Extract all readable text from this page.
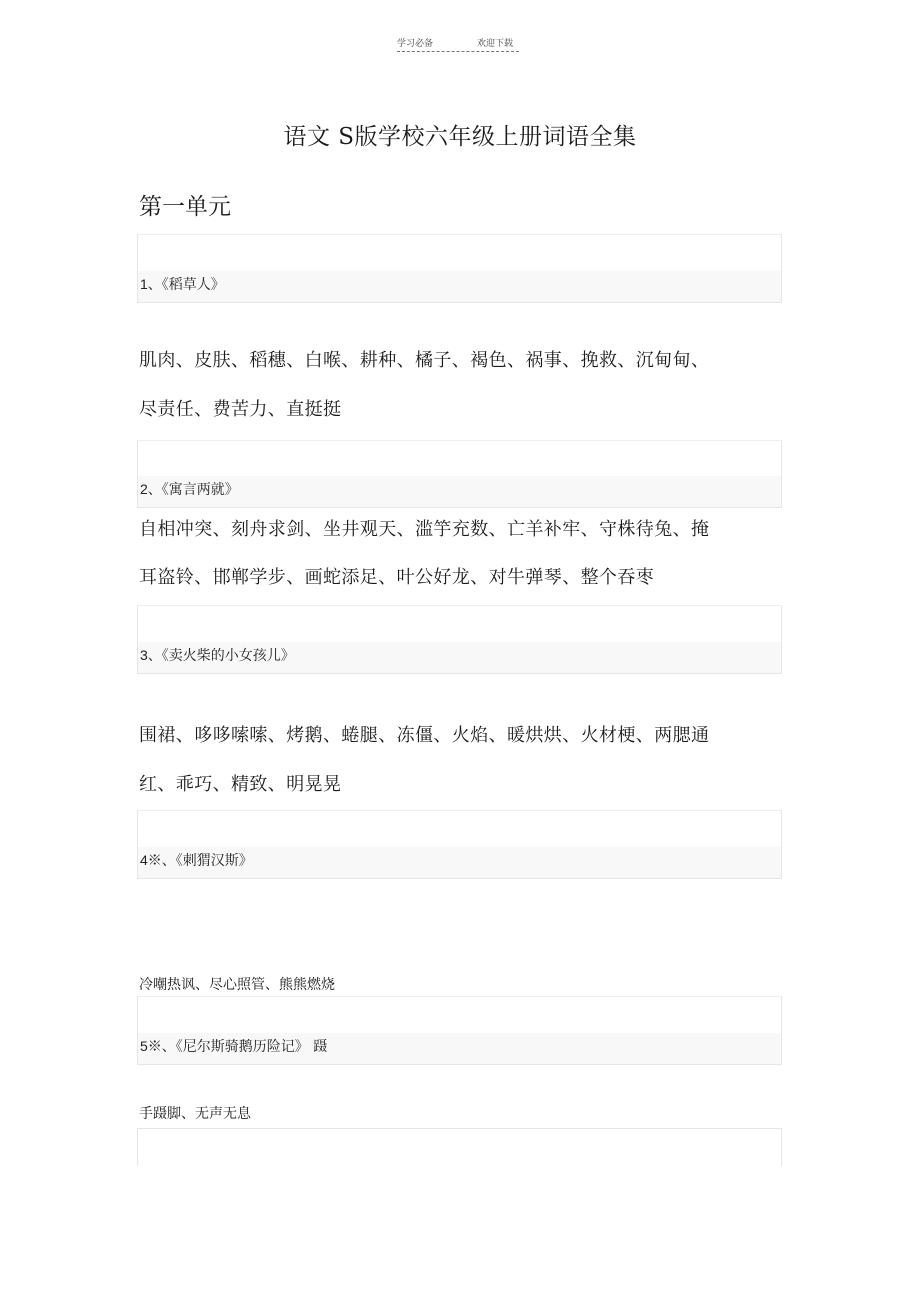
学习必备	欢迎下载
语文 S版学校六年级上册词语全集
第一单元
1、《稻草人》
肌肉、皮肤、稻穗、白喉、耕种、橘子、褐色、祸事、挽救、沉甸甸、
尽责任、费苦力、直挺挺
2、《寓言两就》
自相冲突、刻舟求剑、坐井观天、滥竽充数、亡羊补牢、守株待兔、掩
耳盗铃、邯郸学步、画蛇添足、叶公好龙、对牛弹琴、整个吞枣
3、《卖火柴的小女孩儿》
围裙、哆哆嗦嗦、烤鹅、蜷腿、冻僵、火焰、暖烘烘、火材梗、两腮通
红、乖巧、精致、明晃晃
4※、《刺猬汉斯》
冷嘲热讽、尽心照管、熊熊燃烧
5※、《尼尔斯骑鹅历险记》 蹑
手蹑脚、无声无息
